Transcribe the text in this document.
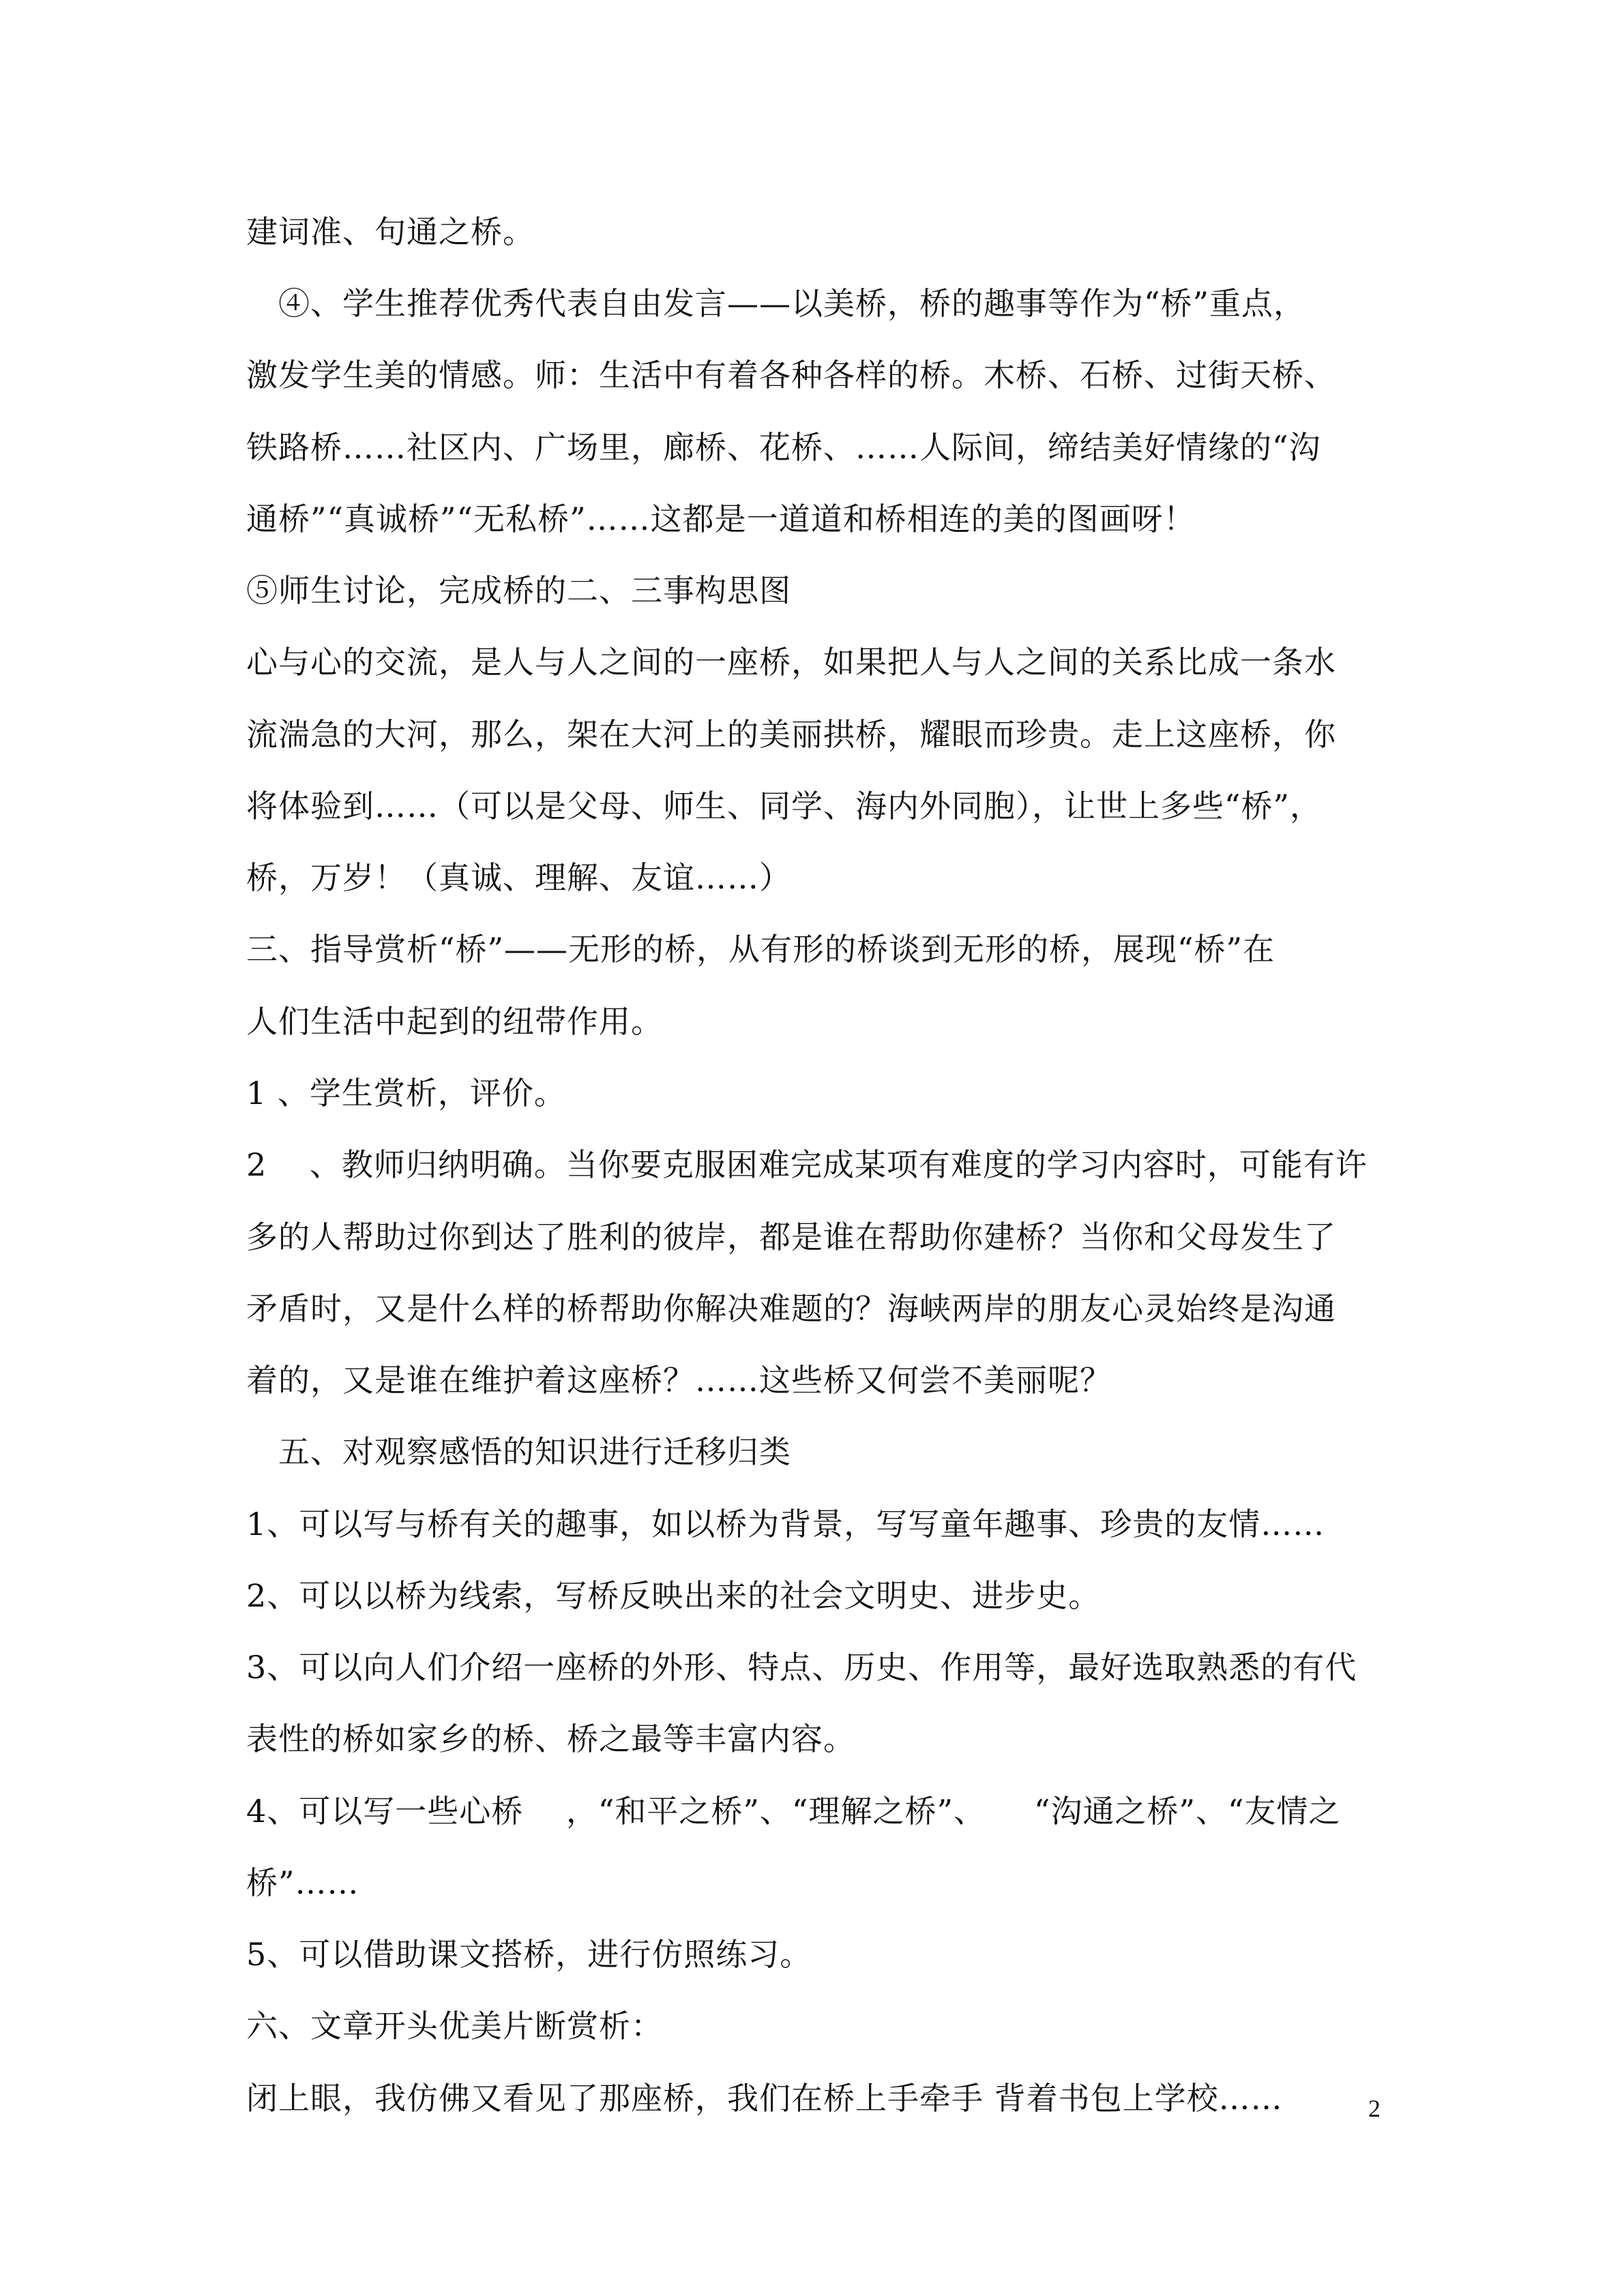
建词准、句通之桥。
④、学生推荐优秀代表自由发言——以美桥，桥的趣事等作为“桥”重点，
激发学生美的情感。师：生活中有着各种各样的桥。木桥、石桥、过街天桥、
铁路桥……社区内、广场里，廊桥、花桥、……人际间，缔结美好情缘的“沟
通桥”“真诚桥”“无私桥”……这都是一道道和桥相连的美的图画呀！
⑤师生讨论，完成桥的二、三事构思图
心与心的交流，是人与人之间的一座桥，如果把人与人之间的关系比成一条水
流湍急的大河，那么，架在大河上的美丽拱桥，耀眼而珍贵。走上这座桥，你
将体验到……（可以是父母、师生、同学、海内外同胞），让世上多些“桥”，
桥，万岁！（真诚、理解、友谊……）
三、指导赏析“桥”——无形的桥，从有形的桥谈到无形的桥，展现“桥”在
人们生活中起到的纽带作用。
1 、学生赏析，评价。
2　 、教师归纳明确。当你要克服困难完成某项有难度的学习内容时，可能有许
多的人帮助过你到达了胜利的彼岸，都是谁在帮助你建桥？当你和父母发生了
矛盾时，又是什么样的桥帮助你解决难题的？海峡两岸的朋友心灵始终是沟通
着的，又是谁在维护着这座桥？……这些桥又何尝不美丽呢？
五、对观察感悟的知识进行迁移归类
1、可以写与桥有关的趣事，如以桥为背景，写写童年趣事、珍贵的友情……
2、可以以桥为线索，写桥反映出来的社会文明史、进步史。
3、可以向人们介绍一座桥的外形、特点、历史、作用等，最好选取熟悉的有代
表性的桥如家乡的桥、桥之最等丰富内容。
4、可以写一些心桥　 ，“和平之桥”、“理解之桥”、　　“沟通之桥”、“友情之
桥”……
5、可以借助课文搭桥，进行仿照练习。
六、文章开头优美片断赏析：
闭上眼，我仿佛又看见了那座桥，我们在桥上手牵手 背着书包上学校……	2
